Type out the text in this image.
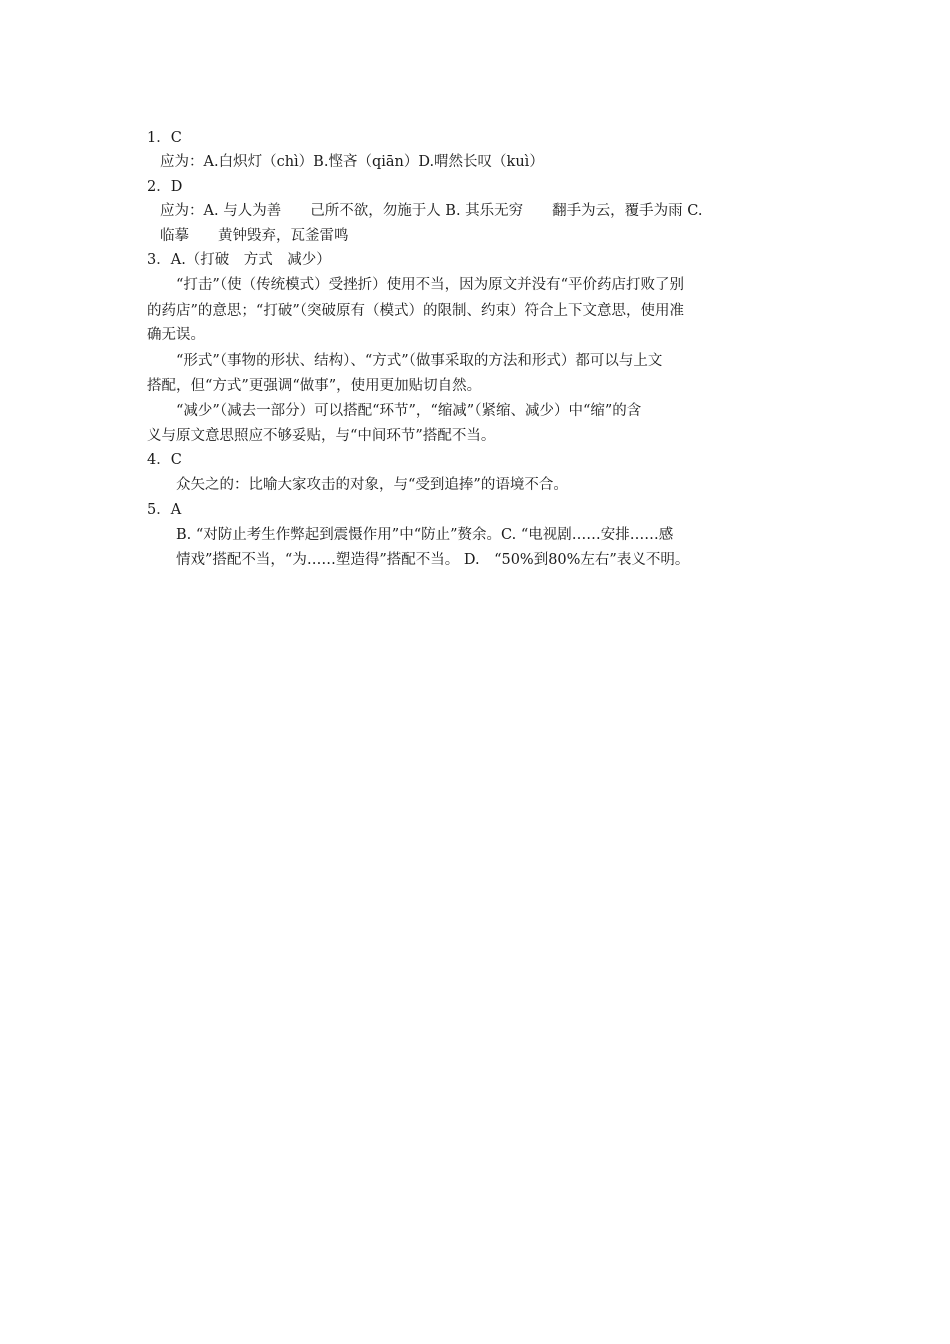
1．C
应为：A.白炽灯（chì）B.悭吝（qiān）D.喟然长叹（kuì）
2．D
应为：A. 与人为善　　己所不欲，勿施于人 B. 其乐无穷　　翻手为云，覆手为雨 C.
临摹　　黄钟毁弃，瓦釜雷鸣
3．A.（打破　方式　减少）
　　“打击”（使（传统模式）受挫折）使用不当，因为原文并没有“平价药店打败了别
的药店”的意思；“打破”（突破原有（模式）的限制、约束）符合上下文意思，使用准
确无误。
　　“形式”（事物的形状、结构）、“方式”（做事采取的方法和形式）都可以与上文
搭配，但“方式”更强调“做事”，使用更加贴切自然。
　　“减少”（减去一部分）可以搭配“环节”，“缩减”（紧缩、减少）中“缩”的含
义与原文意思照应不够妥贴，与“中间环节”搭配不当。
4．C
众矢之的：比喻大家攻击的对象，与“受到追捧”的语境不合。
5．A
B. “对防止考生作弊起到震慑作用”中“防止”赘余。C. “电视剧……安排……感
情戏”搭配不当，“为……塑造得”搭配不当。 D.　“50%到80%左右”表义不明。
